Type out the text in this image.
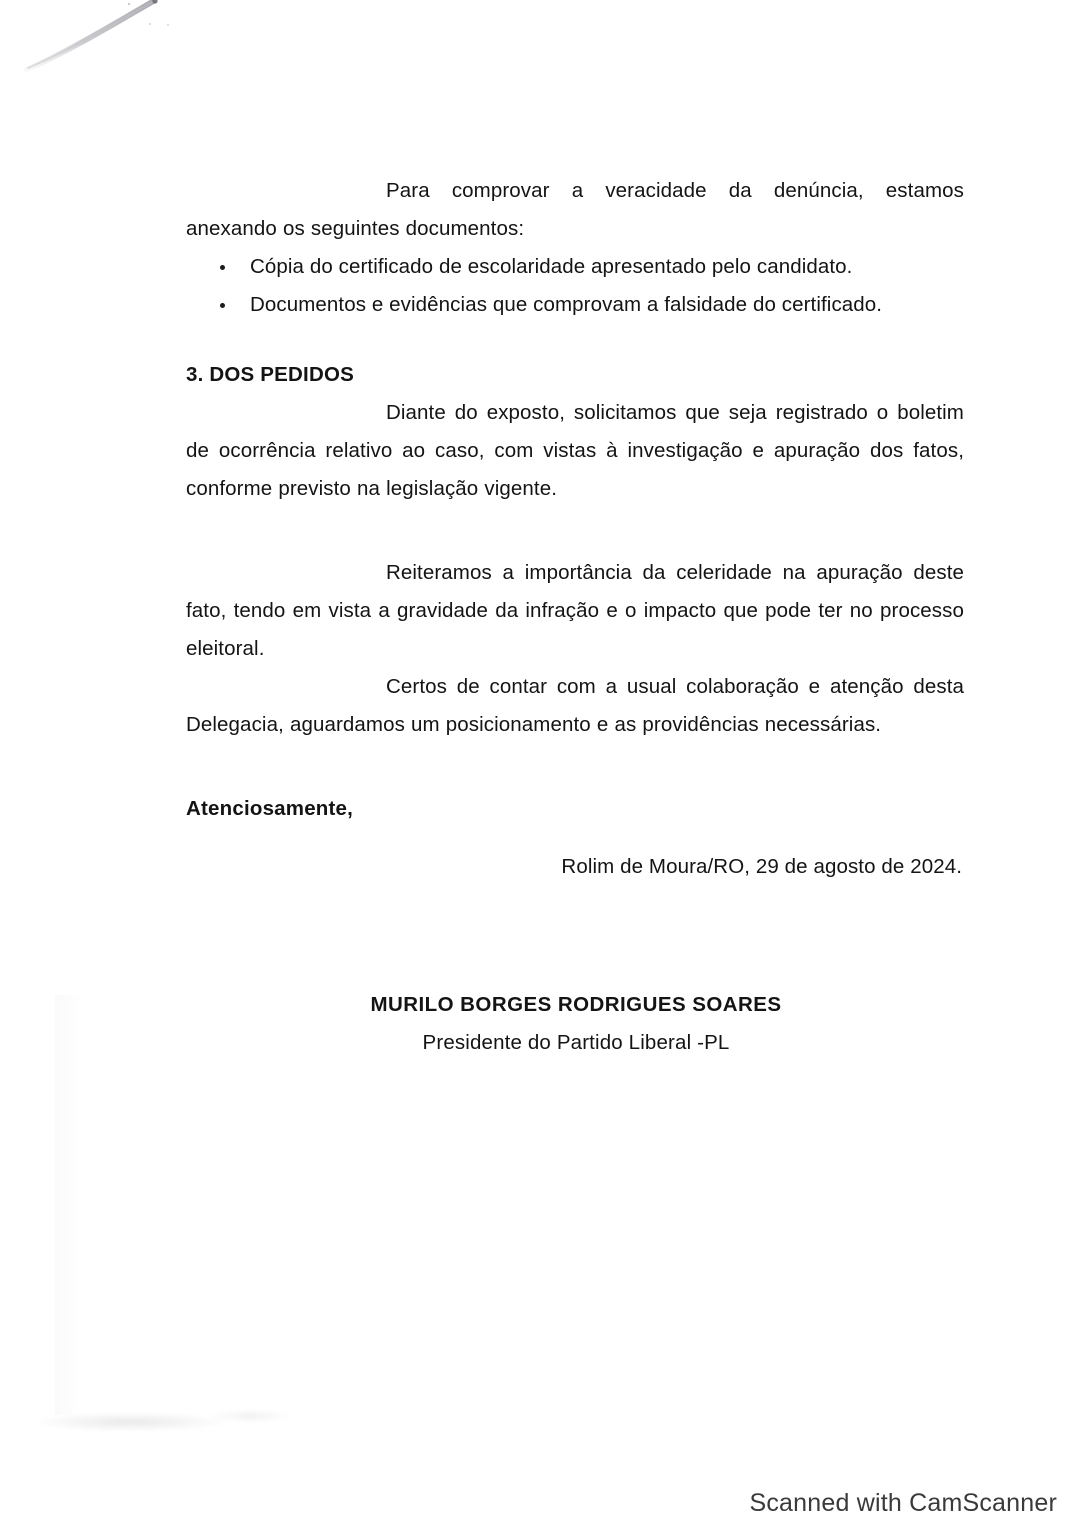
Para comprovar a veracidade da denúncia, estamos anexando os seguintes documentos:

Cópia do certificado de escolaridade apresentado pelo candidato.
Documentos e evidências que comprovam a falsidade do certificado.
3. DOS PEDIDOS

Diante do exposto, solicitamos que seja registrado o boletim de ocorrência relativo ao caso, com vistas à investigação e apuração dos fatos, conforme previsto na legislação vigente.

Reiteramos a importância da celeridade na apuração deste fato, tendo em vista a gravidade da infração e o impacto que pode ter no processo eleitoral.

Certos de contar com a usual colaboração e atenção desta Delegacia, aguardamos um posicionamento e as providências necessárias.

Atenciosamente,

Rolim de Moura/RO, 29 de agosto de 2024.

MURILO BORGES RODRIGUES SOARES

Presidente do Partido Liberal -PL

Scanned with CamScanner
